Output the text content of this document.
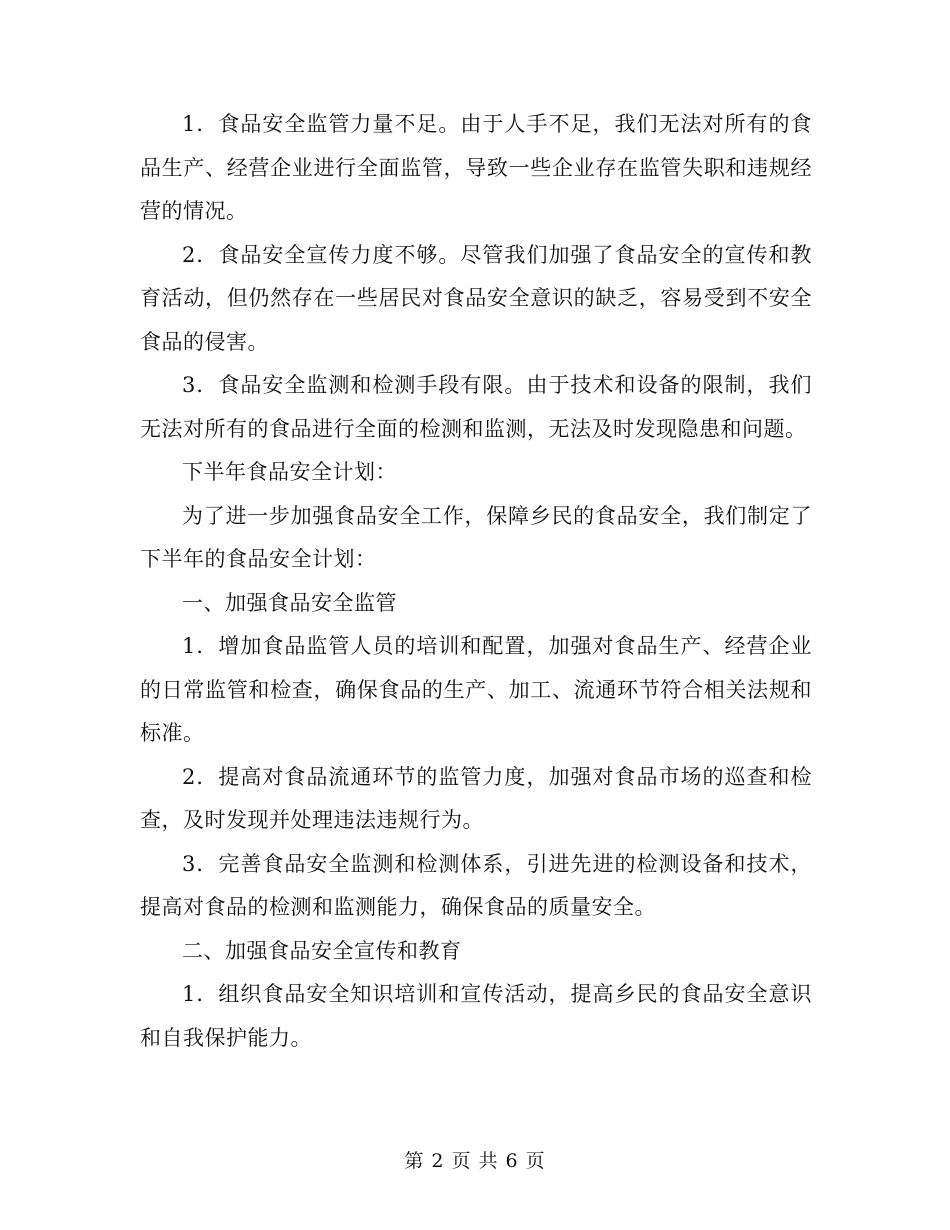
1．食品安全监管力量不足。由于人手不足，我们无法对所有的食品生产、经营企业进行全面监管，导致一些企业存在监管失职和违规经营的情况。

2．食品安全宣传力度不够。尽管我们加强了食品安全的宣传和教育活动，但仍然存在一些居民对食品安全意识的缺乏，容易受到不安全食品的侵害。

3．食品安全监测和检测手段有限。由于技术和设备的限制，我们无法对所有的食品进行全面的检测和监测，无法及时发现隐患和问题。

下半年食品安全计划：

为了进一步加强食品安全工作，保障乡民的食品安全，我们制定了下半年的食品安全计划：

一、加强食品安全监管

1．增加食品监管人员的培训和配置，加强对食品生产、经营企业的日常监管和检查，确保食品的生产、加工、流通环节符合相关法规和标准。

2．提高对食品流通环节的监管力度，加强对食品市场的巡查和检查，及时发现并处理违法违规行为。

3．完善食品安全监测和检测体系，引进先进的检测设备和技术，提高对食品的检测和监测能力，确保食品的质量安全。

二、加强食品安全宣传和教育

1．组织食品安全知识培训和宣传活动，提高乡民的食品安全意识和自我保护能力。

第 2 页 共 6 页
